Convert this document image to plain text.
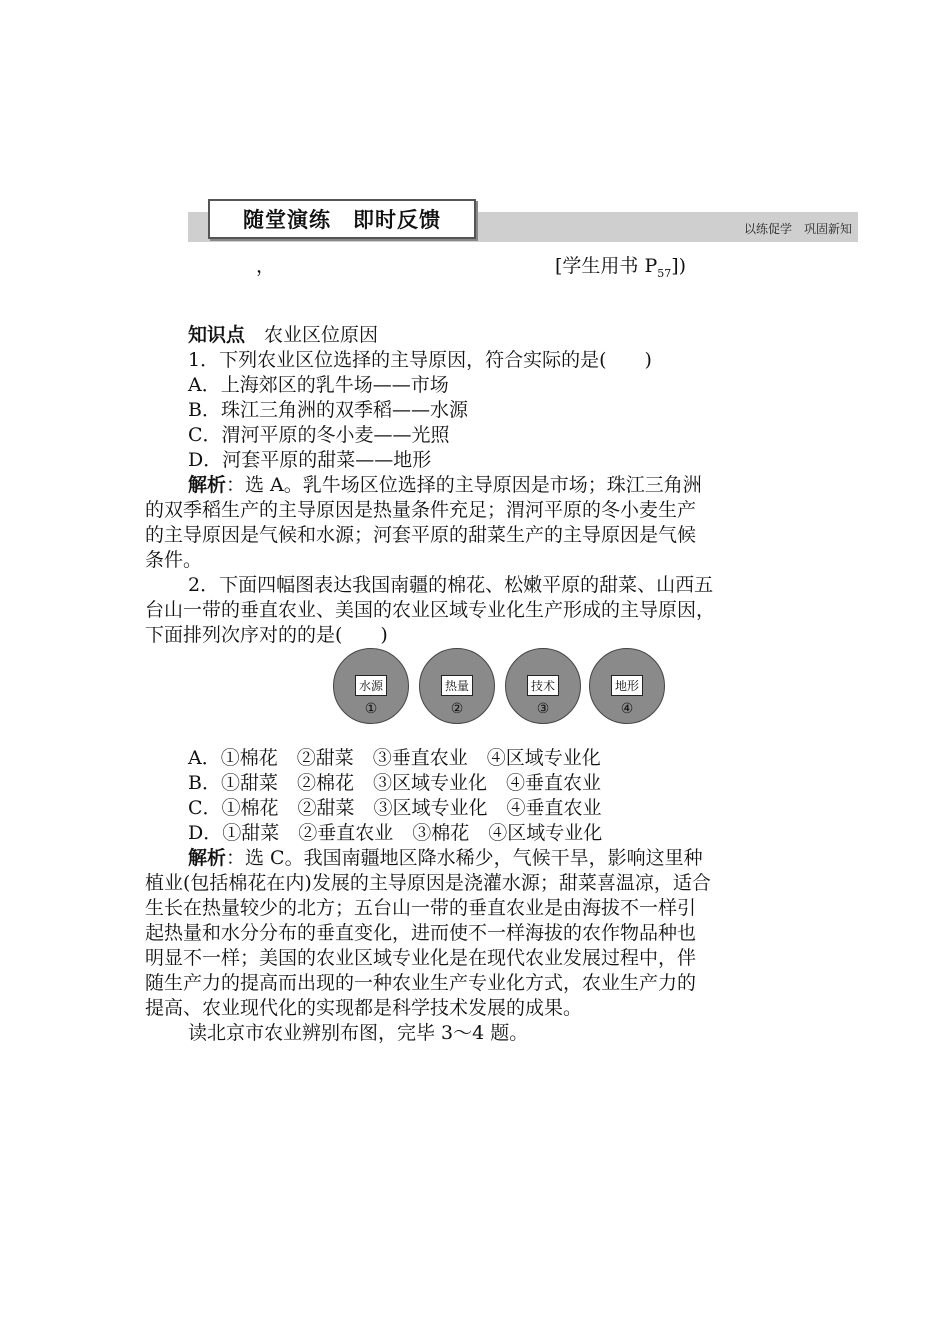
随堂演练　即时反馈	以练促学　巩固新知
，	[学生用书 $P_{57}$])
知识点　农业区位原因
1．下列农业区位选择的主导原因，符合实际的是(　　)
A．上海郊区的乳牛场——市场
B．珠江三角洲的双季稻——水源
C．渭河平原的冬小麦——光照
D．河套平原的甜菜——地形
解析：选 A。乳牛场区位选择的主导原因是市场；珠江三角洲
的双季稻生产的主导原因是热量条件充足；渭河平原的冬小麦生产
的主导原因是气候和水源；河套平原的甜菜生产的主导原因是气候
条件。
2．下面四幅图表达我国南疆的棉花、松嫩平原的甜菜、山西五
台山一带的垂直农业、美国的农业区域专业化生产形成的主导原因，
下面排列次序对的的是(　　)
水源
①
热量
②
技术
③
地形
④
A．①棉花　②甜菜　③垂直农业　④区域专业化
B．①甜菜　②棉花　③区域专业化　④垂直农业
C．①棉花　②甜菜　③区域专业化　④垂直农业
D．①甜菜　②垂直农业　③棉花　④区域专业化
解析：选 C。我国南疆地区降水稀少，气候干旱，影响这里种
植业(包括棉花在内)发展的主导原因是浇灌水源；甜菜喜温凉，适合
生长在热量较少的北方；五台山一带的垂直农业是由海拔不一样引
起热量和水分分布的垂直变化，进而使不一样海拔的农作物品种也
明显不一样；美国的农业区域专业化是在现代农业发展过程中，伴
随生产力的提高而出现的一种农业生产专业化方式，农业生产力的
提高、农业现代化的实现都是科学技术发展的成果。
读北京市农业辨别布图，完毕 3～4 题。
